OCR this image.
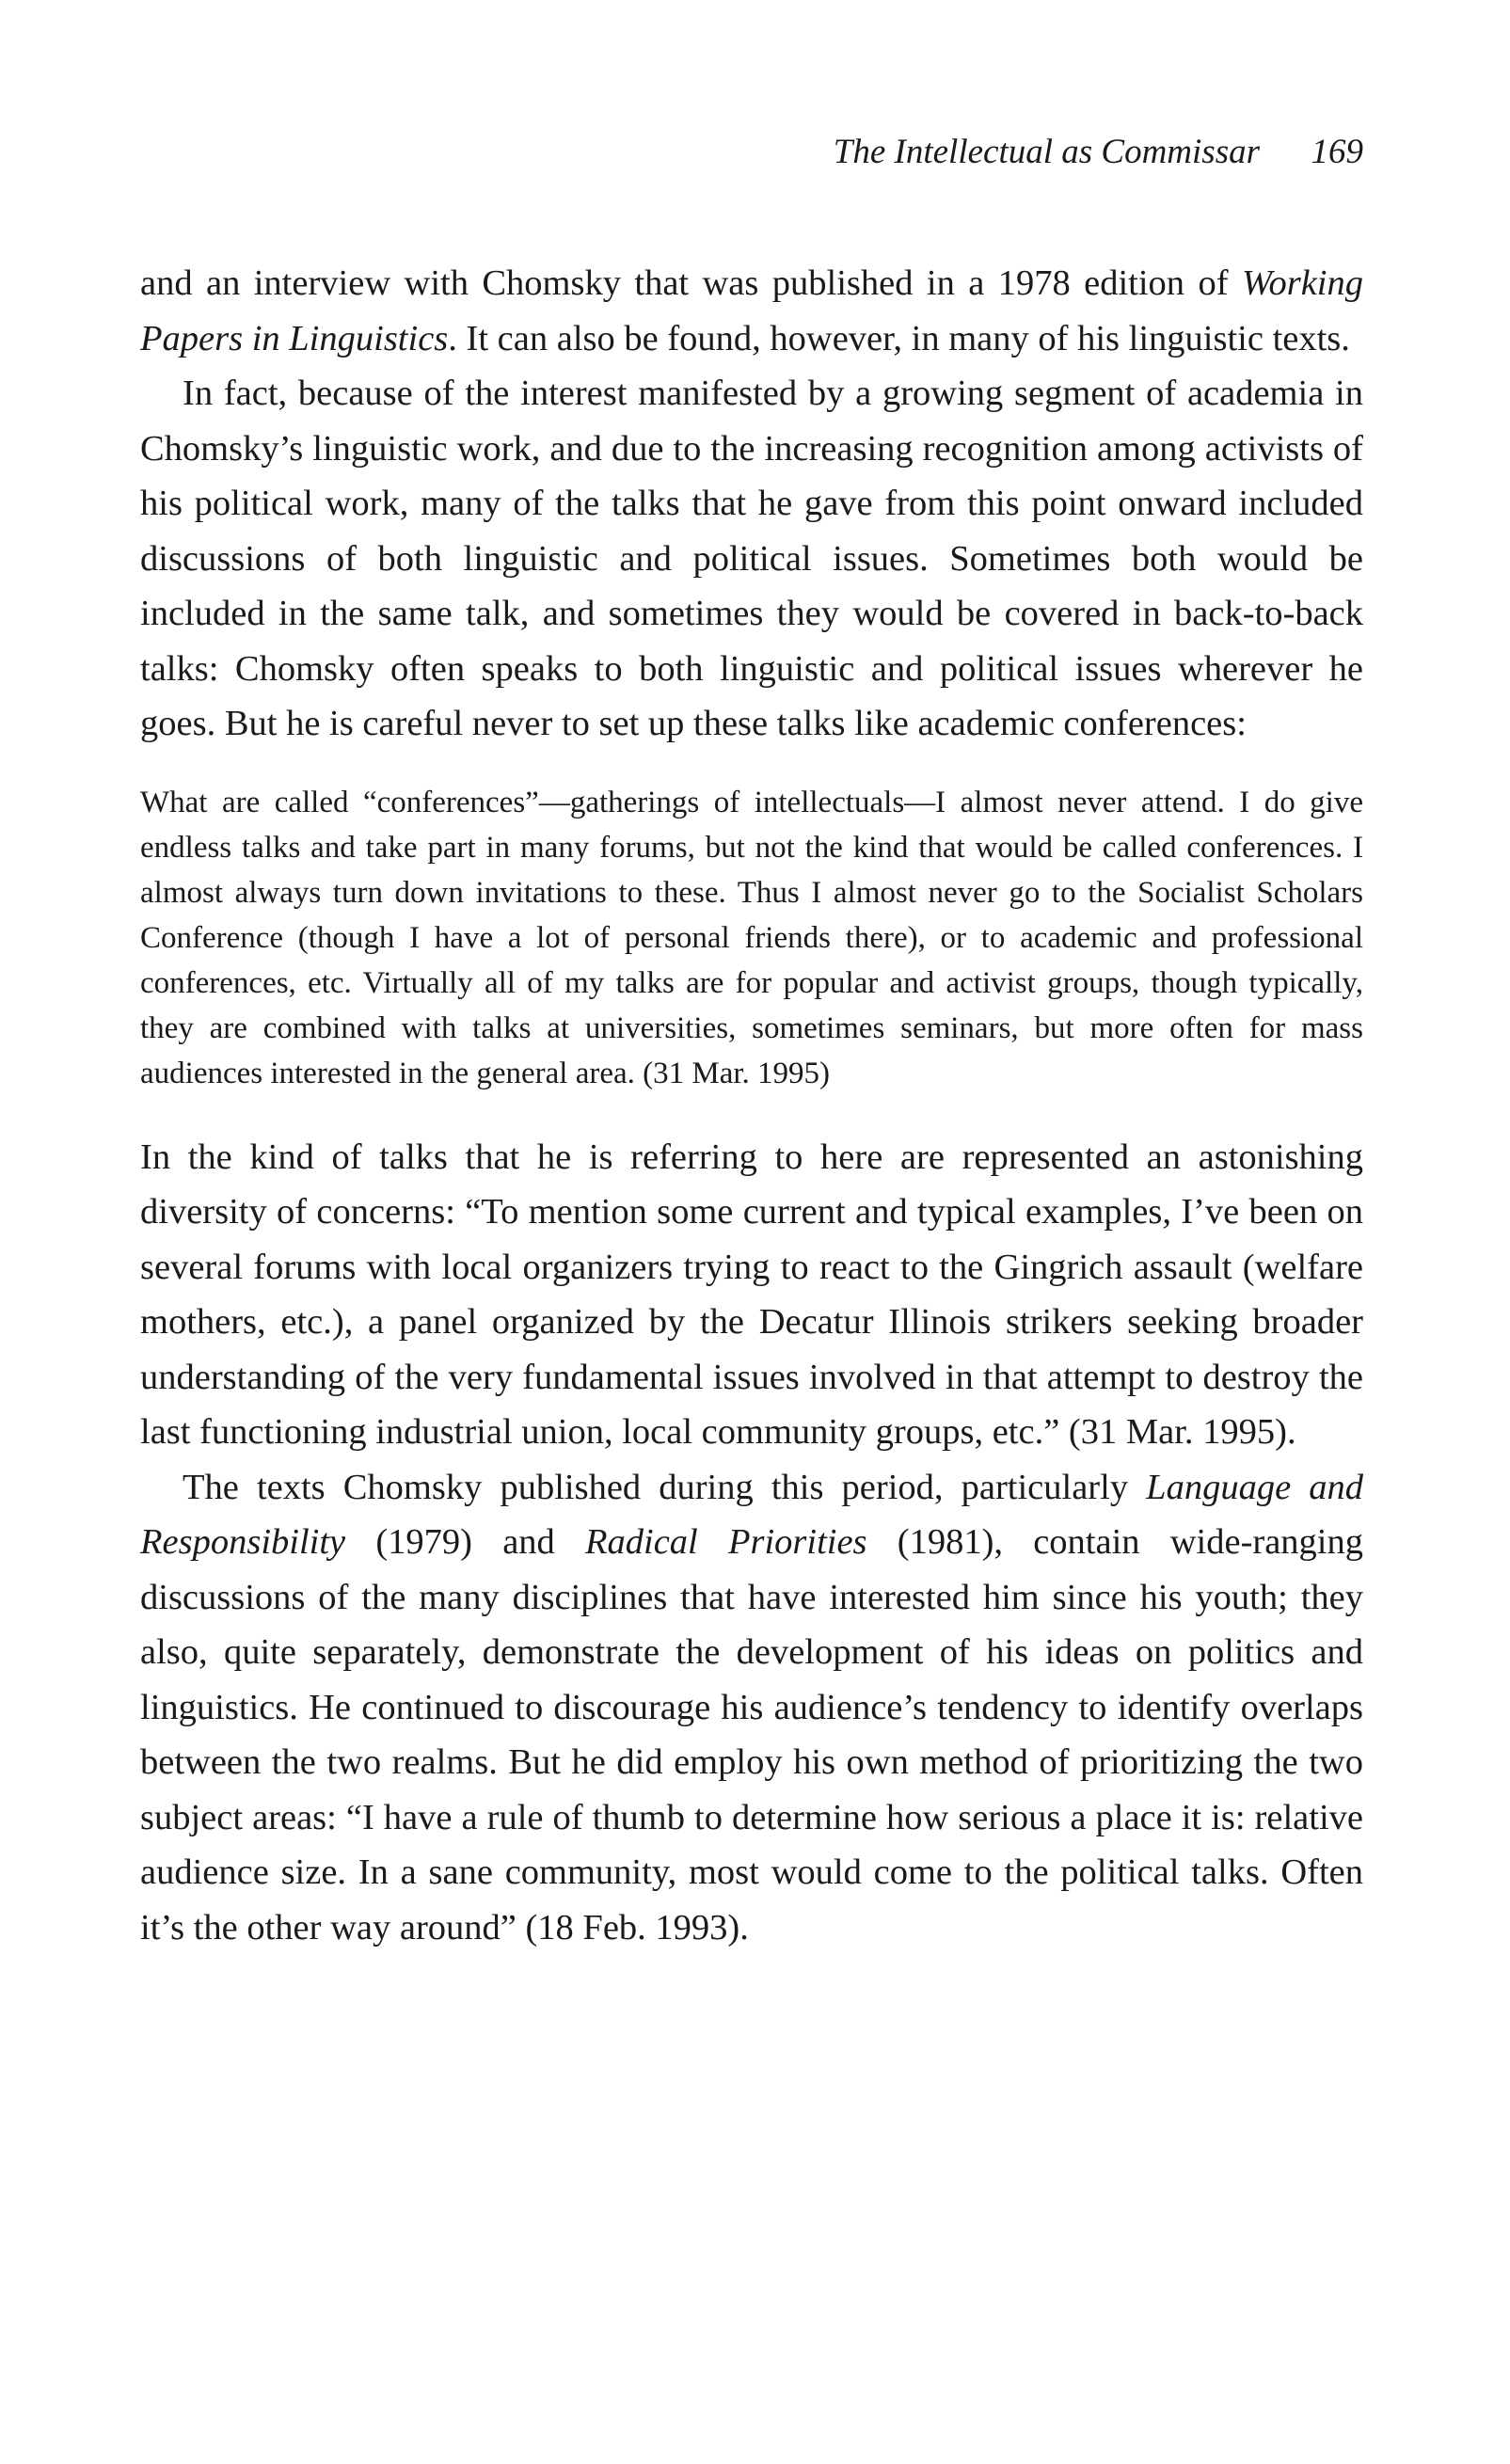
The Intellectual as Commissar 169

and an interview with Chomsky that was published in a 1978 edition of Working Papers in Linguistics. It can also be found, however, in many of his linguistic texts.

In fact, because of the interest manifested by a growing segment of academia in Chomsky’s linguistic work, and due to the increasing recognition among activists of his political work, many of the talks that he gave from this point onward included discussions of both linguistic and political issues. Sometimes both would be included in the same talk, and sometimes they would be covered in back-to-back talks: Chomsky often speaks to both linguistic and political issues wherever he goes. But he is careful never to set up these talks like academic conferences:

What are called “conferences”—gatherings of intellectuals—I almost never attend. I do give endless talks and take part in many forums, but not the kind that would be called conferences. I almost always turn down invitations to these. Thus I almost never go to the Socialist Scholars Conference (though I have a lot of personal friends there), or to academic and professional conferences, etc. Virtually all of my talks are for popular and activist groups, though typically, they are combined with talks at universities, sometimes seminars, but more often for mass audiences interested in the general area. (31 Mar. 1995)

In the kind of talks that he is referring to here are represented an astonishing diversity of concerns: “To mention some current and typical examples, I’ve been on several forums with local organizers trying to react to the Gingrich assault (welfare mothers, etc.), a panel organized by the Decatur Illinois strikers seeking broader understanding of the very fundamental issues involved in that attempt to destroy the last functioning industrial union, local community groups, etc.” (31 Mar. 1995).

The texts Chomsky published during this period, particularly Language and Responsibility (1979) and Radical Priorities (1981), contain wide-ranging discussions of the many disciplines that have interested him since his youth; they also, quite separately, demonstrate the development of his ideas on politics and linguistics. He continued to discourage his audience’s tendency to identify overlaps between the two realms. But he did employ his own method of prioritizing the two subject areas: “I have a rule of thumb to determine how serious a place it is: relative audience size. In a sane community, most would come to the political talks. Often it’s the other way around” (18 Feb. 1993).
